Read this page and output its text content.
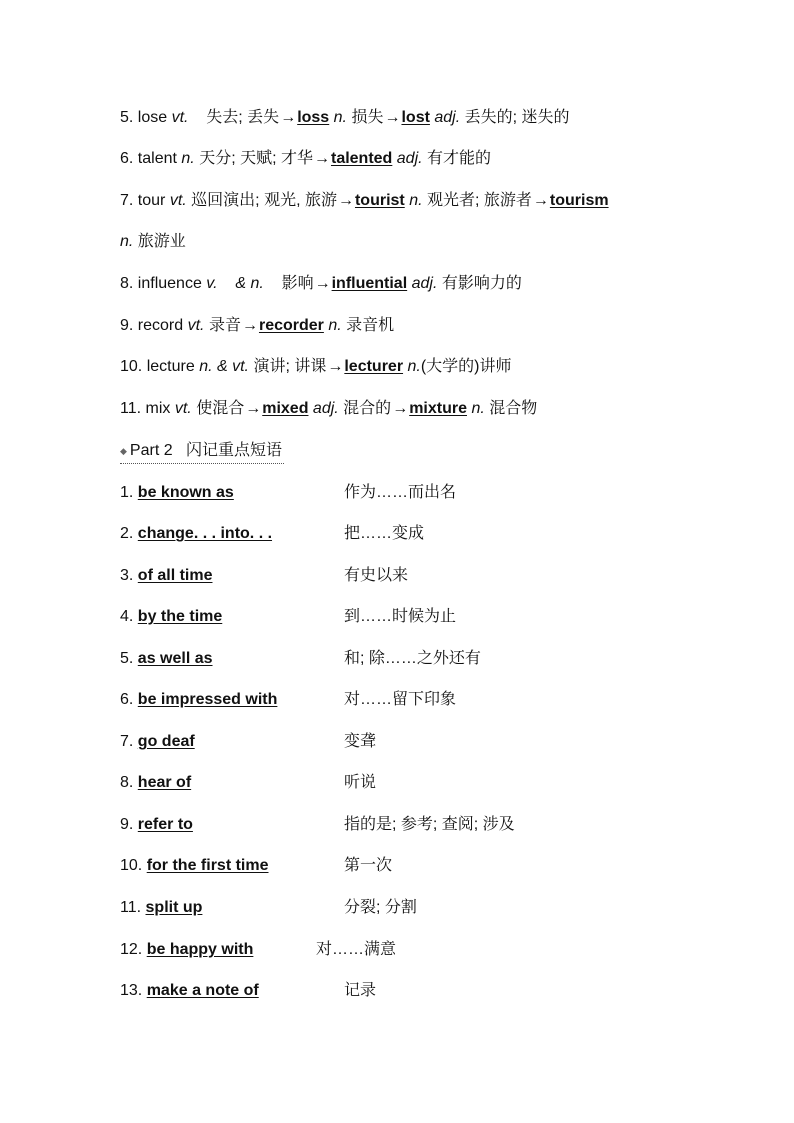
5. lose vt. 失去; 丢失→loss n. 损失→lost adj. 丢失的; 迷失的
6. talent n. 天分; 天赋; 才华→talented adj. 有才能的
7. tour vt. 巡回演出; 观光, 旅游→tourist n. 观光者; 旅游者→tourism
n. 旅游业
8. influence v.    & n. 影响→influential adj. 有影响力的
9. record vt. 录音→recorder n. 录音机
10. lecture n. & vt. 演讲; 讲课→lecturer n.(大学的)讲师
11. mix vt. 使混合→mixed adj. 混合的→mixture n. 混合物
◆ Part 2 闪记重点短语
1. be known as	作为……而出名
2. change. . . into. . .	把……变成
3. of all time	有史以来
4. by the time	到……时候为止
5. as well as	和; 除……之外还有
6. be impressed with	对……留下印象
7. go deaf	变聋
8. hear of	听说
9. refer to	指的是; 参考; 查阅; 涉及
10. for the first time	第一次
11. split up	分裂; 分割
12. be happy with	对……满意
13. make a note of	记录
